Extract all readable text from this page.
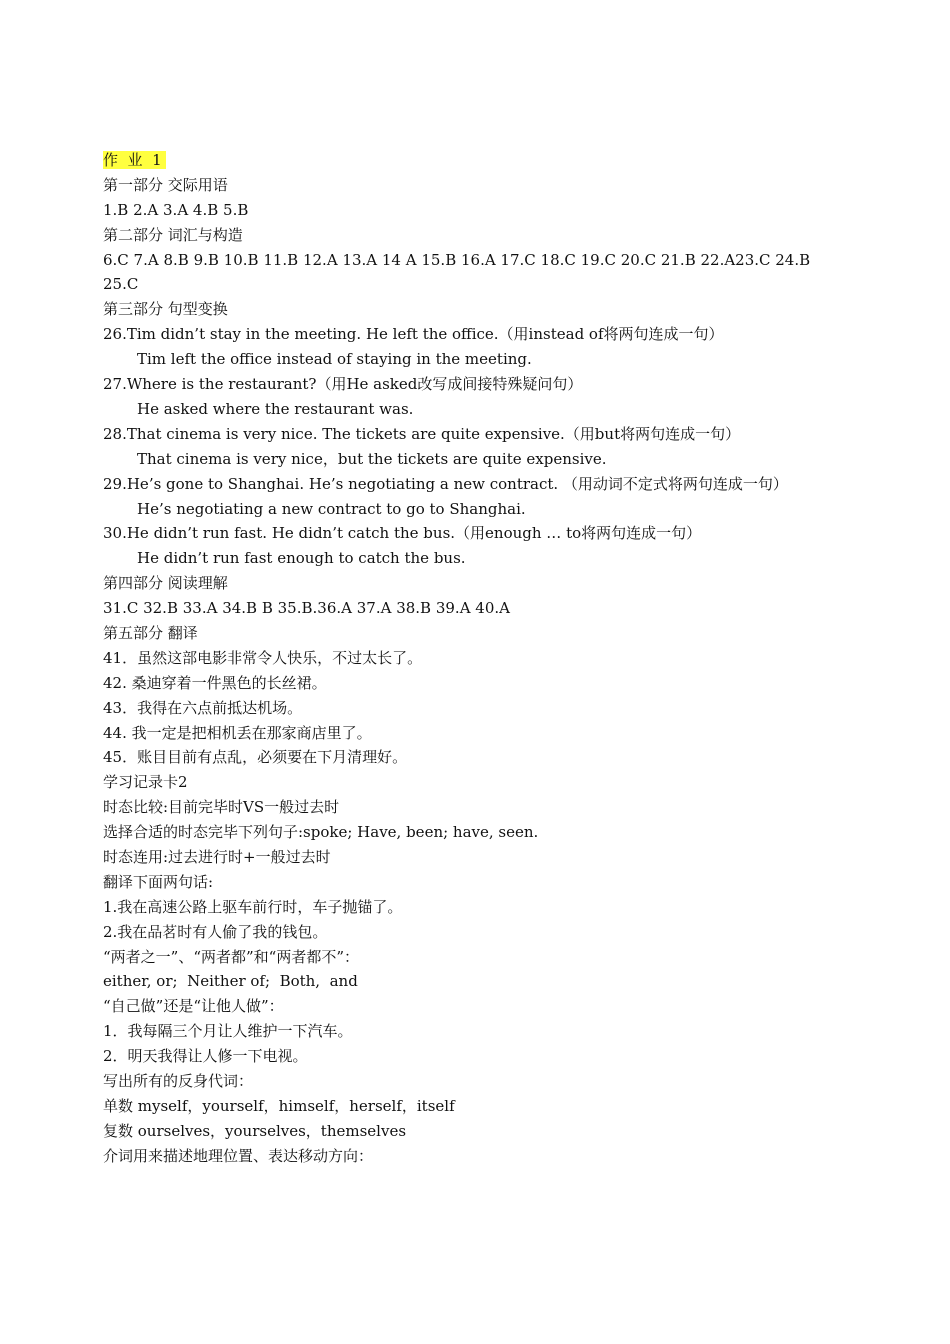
作  业  1
第一部分 交际用语
1.B 2.A 3.A 4.B 5.B
第二部分 词汇与构造
6.C 7.A 8.B 9.B 10.B 11.B 12.A 13.A 14 A 15.B 16.A 17.C 18.C 19.C 20.C 21.B 22.A23.C 24.B 25.C
第三部分 句型变换
26.Tim didn’t stay in the meeting. He left the office.（用instead of将两句连成一句）
Tim left the office instead of staying in the meeting.
27.Where is the restaurant?（用He asked改写成间接特殊疑问句）
He asked where the restaurant was.
28.That cinema is very nice. The tickets are quite expensive.（用but将两句连成一句）
That cinema is very nice，but the tickets are quite expensive.
29.He’s gone to Shanghai. He’s negotiating a new contract. （用动词不定式将两句连成一句）
He’s negotiating a new contract to go to Shanghai.
30.He didn’t run fast. He didn’t catch the bus.（用enough … to将两句连成一句）
He didn’t run fast enough to catch the bus.
第四部分 阅读理解
31.C 32.B 33.A 34.B B 35.B.36.A 37.A 38.B 39.A 40.A
第五部分 翻译
41．虽然这部电影非常令人快乐，不过太长了。
42. 桑迪穿着一件黑色的长丝裙。
43．我得在六点前抵达机场。
44. 我一定是把相机丢在那家商店里了。
45．账目目前有点乱，必须要在下月清理好。
学习记录卡2
时态比较:目前完毕时VS一般过去时
选择合适的时态完毕下列句子:spoke; Have, been; have, seen.
时态连用:过去进行时+一般过去时
翻译下面两句话:
1.我在高速公路上驱车前行时，车子抛锚了。
2.我在品茗时有人偷了我的钱包。
“两者之一”、“两者都”和“两者都不”：
either, or;  Neither of;  Both,  and
“自己做”还是“让他人做”：
1．我每隔三个月让人维护一下汽车。
2．明天我得让人修一下电视。
写出所有的反身代词：
单数 myself，yourself，himself，herself，itself
复数 ourselves，yourselves，themselves
介词用来描述地理位置、表达移动方向：
